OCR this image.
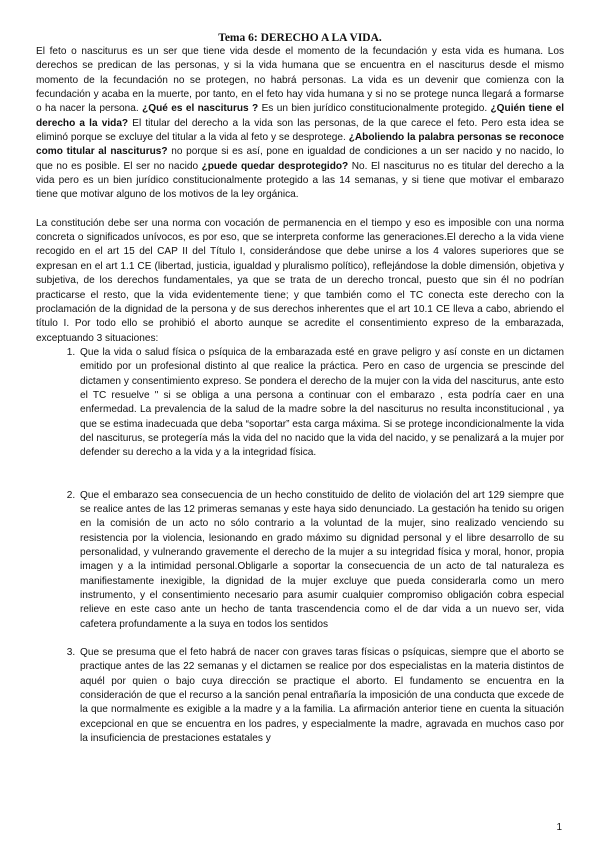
Tema 6: DERECHO A LA VIDA.

El feto o nasciturus es un ser que tiene vida desde el momento de la fecundación y esta vida es humana. Los derechos se predican de las personas, y si la vida humana que se encuentra en el nasciturus desde el mismo momento de la fecundación no se protegen, no habrá personas. La vida es un devenir que comienza con la fecundación y acaba en la muerte, por tanto, en el feto hay vida humana y si no se protege nunca llegará a formarse o ha nacer la persona. ¿Qué es el nasciturus ? Es un bien jurídico constitucionalmente protegido. ¿Quién tiene el derecho a la vida? El titular del derecho a la vida son las personas, de la que carece el feto. Pero esta idea se eliminó porque se excluye del titular a la vida al feto y se desprotege. ¿Aboliendo la palabra personas se reconoce como titular al nasciturus? no porque si es así, pone en igualdad de condiciones a un ser nacido y no nacido, lo que no es posible. El ser no nacido ¿puede quedar desprotegido? No. El nasciturus no es titular del derecho a la vida pero es un bien jurídico constitucionalmente protegido a las 14 semanas, y si tiene que motivar el embarazo tiene que motivar alguno de los motivos de la ley orgánica.

La constitución debe ser una norma con vocación de permanencia en el tiempo y eso es imposible con una norma concreta o significados unívocos, es por eso, que se interpreta conforme las generaciones.El derecho a la vida viene recogido en el art 15 del CAP II del Título I, considerándose que debe unirse a los 4 valores superiores que se expresan en el art 1.1 CE (libertad, justicia, igualdad y pluralismo político), reflejándose la doble dimensión, objetiva y subjetiva, de los derechos fundamentales, ya que se trata de un derecho troncal, puesto que sin él no podrían practicarse el resto, que la vida evidentemente tiene; y que también como el TC conecta este derecho con la proclamación de la dignidad de la persona y de sus derechos inherentes que el art 10.1 CE lleva a cabo, abriendo el título I. Por todo ello se prohibió el aborto aunque se acredite el consentimiento expreso de la embarazada, exceptuando 3 situaciones:

1. Que la vida o salud física o psíquica de la embarazada esté en grave peligro y así conste en un dictamen emitido por un profesional distinto al que realice la práctica. Pero en caso de urgencia se prescinde del dictamen y consentimiento expreso. Se pondera el derecho de la mujer con la vida del nasciturus, ante esto el TC resuelve " si se obliga a una persona a continuar con el embarazo , esta podría caer en una enfermedad. La prevalencia de la salud de la madre sobre la del nasciturus no resulta inconstitucional , ya que se estima inadecuada que deba “soportar” esta carga máxima. Si se protege incondicionalmente la vida del nasciturus, se protegería más la vida del no nacido que la vida del nacido, y se penalizará a la mujer por defender su derecho a la vida y a la integridad física.
2. Que el embarazo sea consecuencia de un hecho constituido de delito de violación del art 129 siempre que se realice antes de las 12 primeras semanas y este haya sido denunciado. La gestación ha tenido su origen en la comisión de un acto no sólo contrario a la voluntad de la mujer, sino realizado venciendo su resistencia por la violencia, lesionando en grado máximo su dignidad personal y el libre desarrollo de su personalidad, y vulnerando gravemente el derecho de la mujer a su integridad física y moral, honor, propia imagen y a la intimidad personal.Obligarle a soportar la consecuencia de un acto de tal naturaleza es manifiestamente inexigible, la dignidad de la mujer excluye que pueda considerarla como un mero instrumento, y el consentimiento necesario para asumir cualquier compromiso obligación cobra especial relieve en este caso ante un hecho de tanta trascendencia como el de dar vida a un nuevo ser, vida cafetera profundamente a la suya en todos los sentidos
3. Que se presuma que el feto habrá de nacer con graves taras físicas o psíquicas, siempre que el aborto se practique antes de las 22 semanas y el dictamen se realice por dos especialistas en la materia distintos de aquél por quien o bajo cuya dirección se practique el aborto. El fundamento se encuentra en la consideración de que el recurso a la sanción penal entrañaría la imposición de una conducta que excede de la que normalmente es exigible a la madre y a la familia. La afirmación anterior tiene en cuenta la situación excepcional en que se encuentra en los padres, y especialmente la madre, agravada en muchos caso por la insuficiencia de prestaciones estatales y
1
